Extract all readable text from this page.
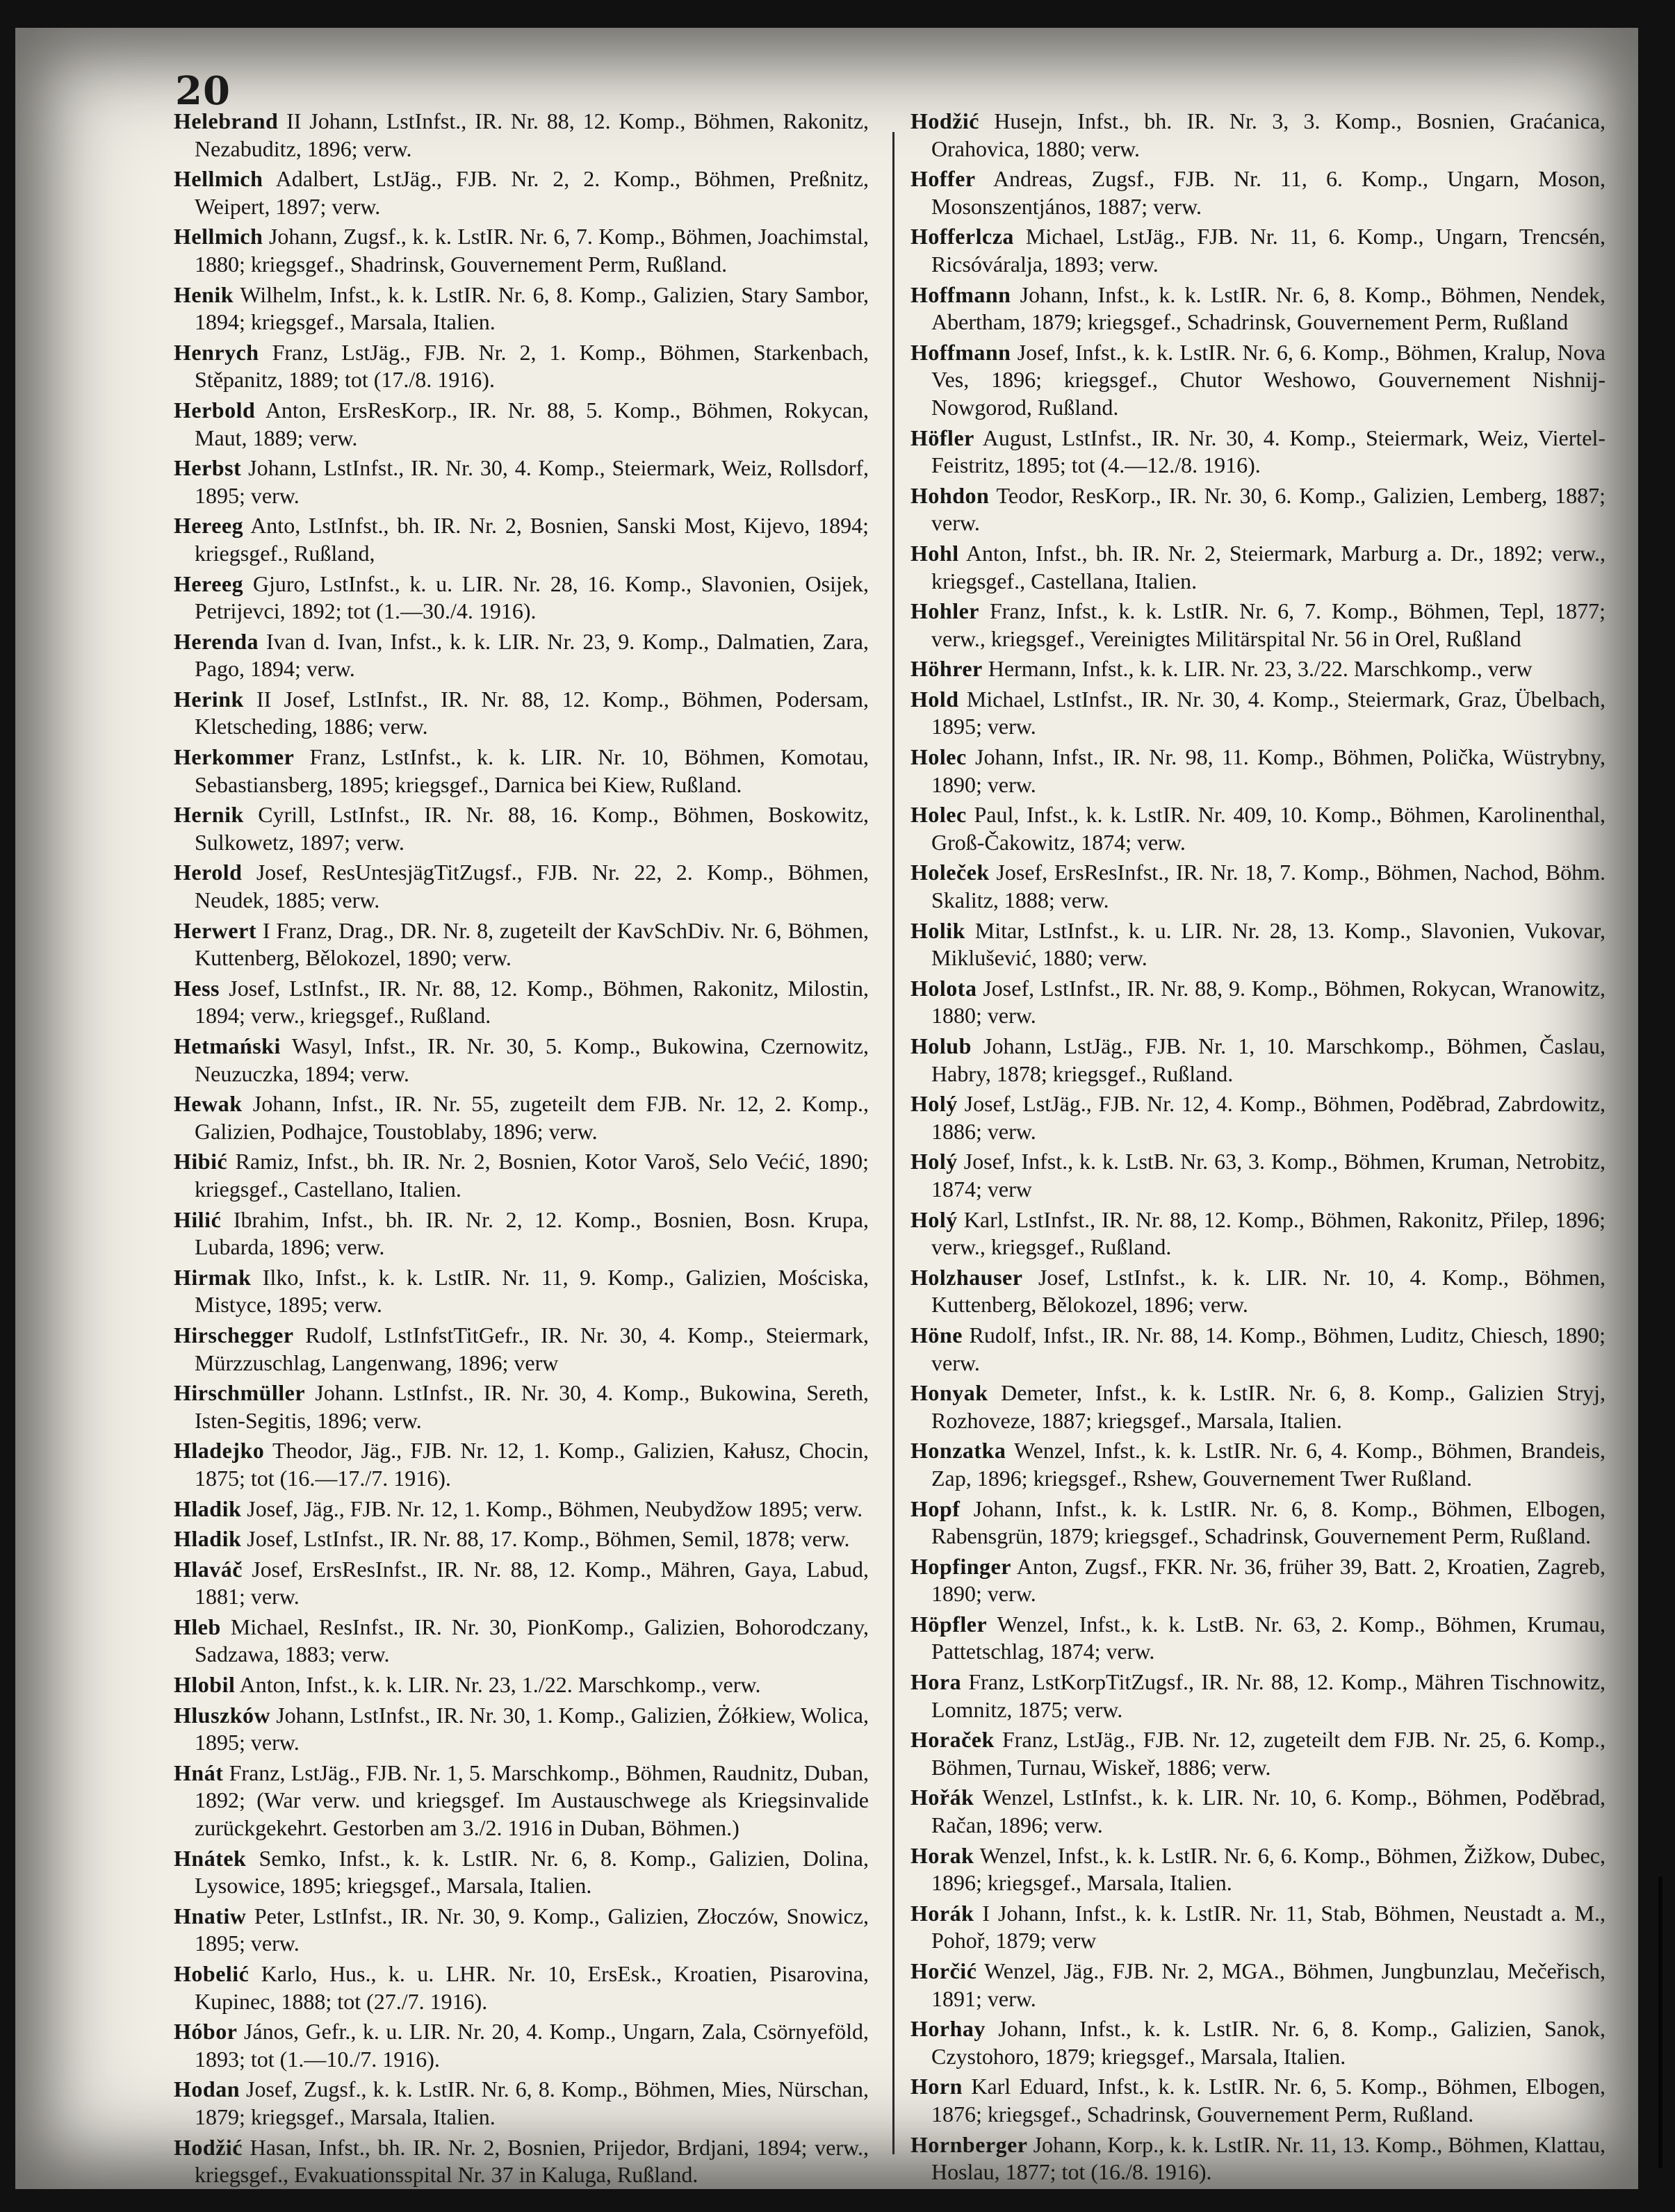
20

Helebrand II Johann, LstInfst., IR. Nr. 88, 12. Komp., Böhmen, Rakonitz, Nezabuditz, 1896; verw.

Hellmich Adalbert, LstJäg., FJB. Nr. 2, 2. Komp., Böhmen, Preßnitz, Weipert, 1897; verw.

Hellmich Johann, Zugsf., k. k. LstIR. Nr. 6, 7. Komp., Böhmen, Joachimstal, 1880; kriegsgef., Shadrinsk, Gouvernement Perm, Rußland.

Henik Wilhelm, Infst., k. k. LstIR. Nr. 6, 8. Komp., Galizien, Stary Sambor, 1894; kriegsgef., Marsala, Italien.

Henrych Franz, LstJäg., FJB. Nr. 2, 1. Komp., Böhmen, Starkenbach, Stěpanitz, 1889; tot (17./8. 1916).

Herbold Anton, ErsResKorp., IR. Nr. 88, 5. Komp., Böhmen, Rokycan, Maut, 1889; verw.

Herbst Johann, LstInfst., IR. Nr. 30, 4. Komp., Steiermark, Weiz, Rollsdorf, 1895; verw.

Hereeg Anto, LstInfst., bh. IR. Nr. 2, Bosnien, Sanski Most, Kijevo, 1894; kriegsgef., Rußland,

Hereeg Gjuro, LstInfst., k. u. LIR. Nr. 28, 16. Komp., Slavonien, Osijek, Petrijevci, 1892; tot (1.—30./4. 1916).

Herenda Ivan d. Ivan, Infst., k. k. LIR. Nr. 23, 9. Komp., Dalmatien, Zara, Pago, 1894; verw.

Herink II Josef, LstInfst., IR. Nr. 88, 12. Komp., Böhmen, Podersam, Kletscheding, 1886; verw.

Herkommer Franz, LstInfst., k. k. LIR. Nr. 10, Böhmen, Komotau, Sebastiansberg, 1895; kriegsgef., Darnica bei Kiew, Rußland.

Hernik Cyrill, LstInfst., IR. Nr. 88, 16. Komp., Böhmen, Boskowitz, Sulkowetz, 1897; verw.

Herold Josef, ResUntesjägTitZugsf., FJB. Nr. 22, 2. Komp., Böhmen, Neudek, 1885; verw.

Herwert I Franz, Drag., DR. Nr. 8, zugeteilt der KavSchDiv. Nr. 6, Böhmen, Kuttenberg, Bělokozel, 1890; verw.

Hess Josef, LstInfst., IR. Nr. 88, 12. Komp., Böhmen, Rakonitz, Milostin, 1894; verw., kriegsgef., Rußland.

Hetmański Wasyl, Infst., IR. Nr. 30, 5. Komp., Bukowina, Czernowitz, Neuzuczka, 1894; verw.

Hewak Johann, Infst., IR. Nr. 55, zugeteilt dem FJB. Nr. 12, 2. Komp., Galizien, Podhajce, Toustoblaby, 1896; verw.

Hibić Ramiz, Infst., bh. IR. Nr. 2, Bosnien, Kotor Varoš, Selo Većić, 1890; kriegsgef., Castellano, Italien.

Hilić Ibrahim, Infst., bh. IR. Nr. 2, 12. Komp., Bosnien, Bosn. Krupa, Lubarda, 1896; verw.

Hirmak Ilko, Infst., k. k. LstIR. Nr. 11, 9. Komp., Galizien, Mościska, Mistyce, 1895; verw.

Hirschegger Rudolf, LstInfstTitGefr., IR. Nr. 30, 4. Komp., Steiermark, Mürzzuschlag, Langenwang, 1896; verw

Hirschmüller Johann. LstInfst., IR. Nr. 30, 4. Komp., Bukowina, Sereth, Isten-Segitis, 1896; verw.

Hladejko Theodor, Jäg., FJB. Nr. 12, 1. Komp., Galizien, Kałusz, Chocin, 1875; tot (16.—17./7. 1916).

Hladik Josef, Jäg., FJB. Nr. 12, 1. Komp., Böhmen, Neubydžow 1895; verw.

Hladik Josef, LstInfst., IR. Nr. 88, 17. Komp., Böhmen, Semil, 1878; verw.

Hlaváč Josef, ErsResInfst., IR. Nr. 88, 12. Komp., Mähren, Gaya, Labud, 1881; verw.

Hleb Michael, ResInfst., IR. Nr. 30, PionKomp., Galizien, Bohorodczany, Sadzawa, 1883; verw.

Hlobil Anton, Infst., k. k. LIR. Nr. 23, 1./22. Marschkomp., verw.

Hluszków Johann, LstInfst., IR. Nr. 30, 1. Komp., Galizien, Żółkiew, Wolica, 1895; verw.

Hnát Franz, LstJäg., FJB. Nr. 1, 5. Marschkomp., Böhmen, Raudnitz, Duban, 1892; (War verw. und kriegsgef. Im Austauschwege als Kriegsinvalide zurückgekehrt. Gestorben am 3./2. 1916 in Duban, Böhmen.)

Hnátek Semko, Infst., k. k. LstIR. Nr. 6, 8. Komp., Galizien, Dolina, Lysowice, 1895; kriegsgef., Marsala, Italien.

Hnatiw Peter, LstInfst., IR. Nr. 30, 9. Komp., Galizien, Złoczów, Snowicz, 1895; verw.

Hobelić Karlo, Hus., k. u. LHR. Nr. 10, ErsEsk., Kroatien, Pisarovina, Kupinec, 1888; tot (27./7. 1916).

Hóbor János, Gefr., k. u. LIR. Nr. 20, 4. Komp., Ungarn, Zala, Csörnyeföld, 1893; tot (1.—10./7. 1916).

Hodan Josef, Zugsf., k. k. LstIR. Nr. 6, 8. Komp., Böhmen, Mies, Nürschan, 1879; kriegsgef., Marsala, Italien.

Hodžić Hasan, Infst., bh. IR. Nr. 2, Bosnien, Prijedor, Brdjani, 1894; verw., kriegsgef., Evakuationsspital Nr. 37 in Kaluga, Rußland.

Hodžić Husejn, Infst., bh. IR. Nr. 3, 3. Komp., Bosnien, Graćanica, Orahovica, 1880; verw.

Hoffer Andreas, Zugsf., FJB. Nr. 11, 6. Komp., Ungarn, Moson, Mosonszentjános, 1887; verw.

Hofferlcza Michael, LstJäg., FJB. Nr. 11, 6. Komp., Ungarn, Trencsén, Ricsóváralja, 1893; verw.

Hoffmann Johann, Infst., k. k. LstIR. Nr. 6, 8. Komp., Böhmen, Nendek, Abertham, 1879; kriegsgef., Schadrinsk, Gouvernement Perm, Rußland

Hoffmann Josef, Infst., k. k. LstIR. Nr. 6, 6. Komp., Böhmen, Kralup, Nova Ves, 1896; kriegsgef., Chutor Weshowo, Gouvernement Nishnij-Nowgorod, Rußland.

Höfler August, LstInfst., IR. Nr. 30, 4. Komp., Steiermark, Weiz, Viertel-Feistritz, 1895; tot (4.—12./8. 1916).

Hohdon Teodor, ResKorp., IR. Nr. 30, 6. Komp., Galizien, Lemberg, 1887; verw.

Hohl Anton, Infst., bh. IR. Nr. 2, Steiermark, Marburg a. Dr., 1892; verw., kriegsgef., Castellana, Italien.

Hohler Franz, Infst., k. k. LstIR. Nr. 6, 7. Komp., Böhmen, Tepl, 1877; verw., kriegsgef., Vereinigtes Militärspital Nr. 56 in Orel, Rußland

Höhrer Hermann, Infst., k. k. LIR. Nr. 23, 3./22. Marschkomp., verw

Hold Michael, LstInfst., IR. Nr. 30, 4. Komp., Steiermark, Graz, Übelbach, 1895; verw.

Holec Johann, Infst., IR. Nr. 98, 11. Komp., Böhmen, Polička, Wüstrybny, 1890; verw.

Holec Paul, Infst., k. k. LstIR. Nr. 409, 10. Komp., Böhmen, Karolinenthal, Groß-Čakowitz, 1874; verw.

Holeček Josef, ErsResInfst., IR. Nr. 18, 7. Komp., Böhmen, Nachod, Böhm. Skalitz, 1888; verw.

Holik Mitar, LstInfst., k. u. LIR. Nr. 28, 13. Komp., Slavonien, Vukovar, Miklušević, 1880; verw.

Holota Josef, LstInfst., IR. Nr. 88, 9. Komp., Böhmen, Rokycan, Wranowitz, 1880; verw.

Holub Johann, LstJäg., FJB. Nr. 1, 10. Marschkomp., Böhmen, Časlau, Habry, 1878; kriegsgef., Rußland.

Holý Josef, LstJäg., FJB. Nr. 12, 4. Komp., Böhmen, Poděbrad, Zabrdowitz, 1886; verw.

Holý Josef, Infst., k. k. LstB. Nr. 63, 3. Komp., Böhmen, Kruman, Netrobitz, 1874; verw

Holý Karl, LstInfst., IR. Nr. 88, 12. Komp., Böhmen, Rakonitz, Přilep, 1896; verw., kriegsgef., Rußland.

Holzhauser Josef, LstInfst., k. k. LIR. Nr. 10, 4. Komp., Böhmen, Kuttenberg, Bělokozel, 1896; verw.

Höne Rudolf, Infst., IR. Nr. 88, 14. Komp., Böhmen, Luditz, Chiesch, 1890; verw.

Honyak Demeter, Infst., k. k. LstIR. Nr. 6, 8. Komp., Galizien Stryj, Rozhoveze, 1887; kriegsgef., Marsala, Italien.

Honzatka Wenzel, Infst., k. k. LstIR. Nr. 6, 4. Komp., Böhmen, Brandeis, Zap, 1896; kriegsgef., Rshew, Gouvernement Twer Rußland.

Hopf Johann, Infst., k. k. LstIR. Nr. 6, 8. Komp., Böhmen, Elbogen, Rabensgrün, 1879; kriegsgef., Schadrinsk, Gouvernement Perm, Rußland.

Hopfinger Anton, Zugsf., FKR. Nr. 36, früher 39, Batt. 2, Kroatien, Zagreb, 1890; verw.

Höpfler Wenzel, Infst., k. k. LstB. Nr. 63, 2. Komp., Böhmen, Krumau, Pattetschlag, 1874; verw.

Hora Franz, LstKorpTitZugsf., IR. Nr. 88, 12. Komp., Mähren Tischnowitz, Lomnitz, 1875; verw.

Horaček Franz, LstJäg., FJB. Nr. 12, zugeteilt dem FJB. Nr. 25, 6. Komp., Böhmen, Turnau, Wiskeř, 1886; verw.

Hořák Wenzel, LstInfst., k. k. LIR. Nr. 10, 6. Komp., Böhmen, Poděbrad, Račan, 1896; verw.

Horak Wenzel, Infst., k. k. LstIR. Nr. 6, 6. Komp., Böhmen, Žižkow, Dubec, 1896; kriegsgef., Marsala, Italien.

Horák I Johann, Infst., k. k. LstIR. Nr. 11, Stab, Böhmen, Neustadt a. M., Pohoř, 1879; verw

Horčić Wenzel, Jäg., FJB. Nr. 2, MGA., Böhmen, Jungbunzlau, Mečeřisch, 1891; verw.

Horhay Johann, Infst., k. k. LstIR. Nr. 6, 8. Komp., Galizien, Sanok, Czystohoro, 1879; kriegsgef., Marsala, Italien.

Horn Karl Eduard, Infst., k. k. LstIR. Nr. 6, 5. Komp., Böhmen, Elbogen, 1876; kriegsgef., Schadrinsk, Gouvernement Perm, Rußland.

Hornberger Johann, Korp., k. k. LstIR. Nr. 11, 13. Komp., Böhmen, Klattau, Hoslau, 1877; tot (16./8. 1916).
